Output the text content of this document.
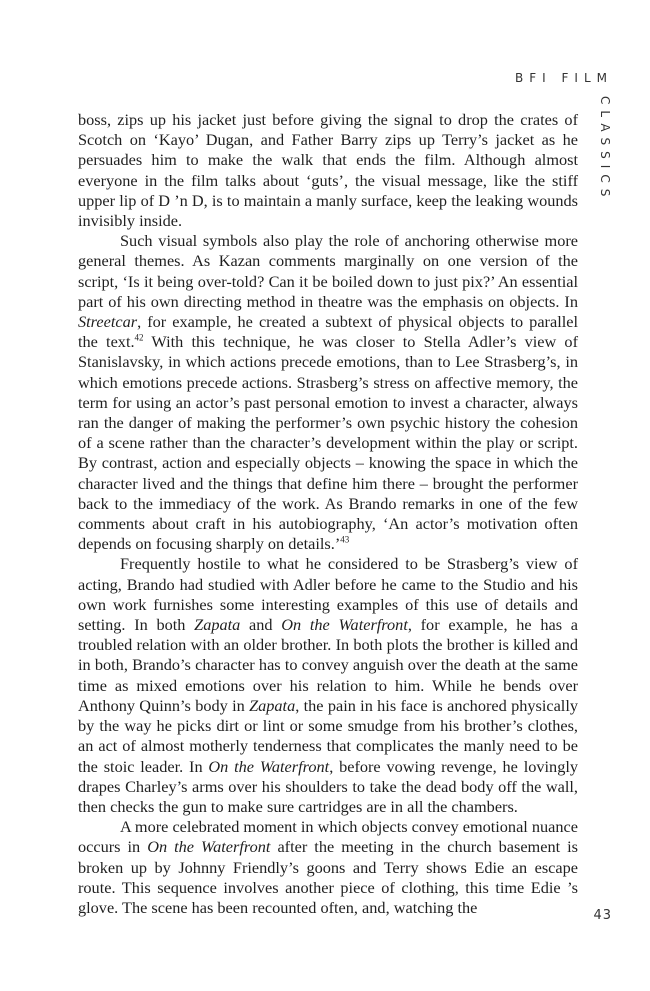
BFI FILM
CLASSICS

boss, zips up his jacket just before giving the signal to drop the crates of Scotch on ‘Kayo’ Dugan, and Father Barry zips up Terry’s jacket as he persuades him to make the walk that ends the film. Although almost everyone in the film talks about ‘guts’, the visual message, like the stiff upper lip of D ’n D, is to maintain a manly surface, keep the leaking wounds invisibly inside.

Such visual symbols also play the role of anchoring otherwise more general themes. As Kazan comments marginally on one version of the script, ‘Is it being over-told? Can it be boiled down to just pix?’ An essential part of his own directing method in theatre was the emphasis on objects. In Streetcar, for example, he created a subtext of physical objects to parallel the text.$^{42}$ With this technique, he was closer to Stella Adler’s view of Stanislavsky, in which actions precede emotions, than to Lee Strasberg’s, in which emotions precede actions. Strasberg’s stress on affective memory, the term for using an actor’s past personal emotion to invest a character, always ran the danger of making the performer’s own psychic history the cohesion of a scene rather than the character’s development within the play or script. By contrast, action and especially objects – knowing the space in which the character lived and the things that define him there – brought the performer back to the immediacy of the work. As Brando remarks in one of the few comments about craft in his autobiography, ‘An actor’s motivation often depends on focusing sharply on details.’$^{43}$

Frequently hostile to what he considered to be Strasberg’s view of acting, Brando had studied with Adler before he came to the Studio and his own work furnishes some interesting examples of this use of details and setting. In both Zapata and On the Waterfront, for example, he has a troubled relation with an older brother. In both plots the brother is killed and in both, Brando’s character has to convey anguish over the death at the same time as mixed emotions over his relation to him. While he bends over Anthony Quinn’s body in Zapata, the pain in his face is anchored physically by the way he picks dirt or lint or some smudge from his brother’s clothes, an act of almost motherly tenderness that complicates the manly need to be the stoic leader. In On the Waterfront, before vowing revenge, he lovingly drapes Charley’s arms over his shoulders to take the dead body off the wall, then checks the gun to make sure cartridges are in all the chambers.

A more celebrated moment in which objects convey emotional nuance occurs in On the Waterfront after the meeting in the church basement is broken up by Johnny Friendly’s goons and Terry shows Edie an escape route. This sequence involves another piece of clothing, this time Edie ’s glove. The scene has been recounted often, and, watching the	43
